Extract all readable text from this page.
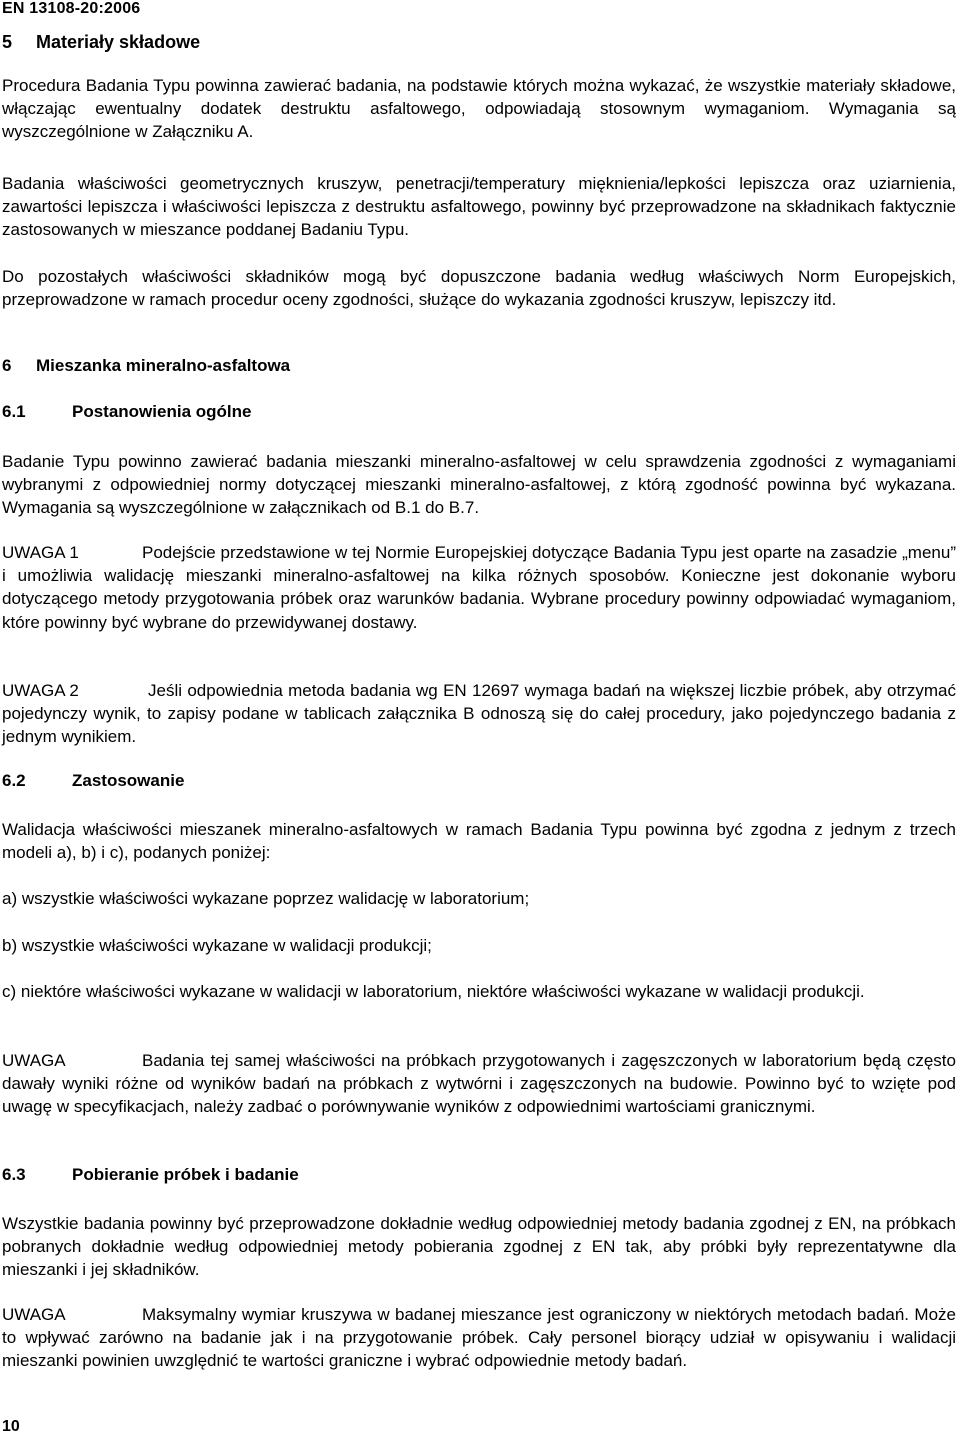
EN 13108-20:2006
5 Materiały składowe
Procedura Badania Typu powinna zawierać badania, na podstawie których można wykazać, że wszystkie materiały składowe, włączając ewentualny dodatek destruktu asfaltowego, odpowiadają stosownym wymaganiom. Wymagania są wyszczególnione w Załączniku A.
Badania właściwości geometrycznych kruszyw, penetracji/temperatury mięknienia/lepkości lepiszcza oraz uziarnienia, zawartości lepiszcza i właściwości lepiszcza z destruktu asfaltowego, powinny być przeprowadzone na składnikach faktycznie zastosowanych w mieszance poddanej Badaniu Typu.
Do pozostałych właściwości składników mogą być dopuszczone badania według właściwych Norm Europejskich, przeprowadzone w ramach procedur oceny zgodności, służące do wykazania zgodności kruszyw, lepiszczy itd.
6 Mieszanka mineralno-asfaltowa
6.1	Postanowienia ogólne
Badanie Typu powinno zawierać badania mieszanki mineralno-asfaltowej w celu sprawdzenia zgodności z wymaganiami wybranymi z odpowiedniej normy dotyczącej mieszanki mineralno-asfaltowej, z którą zgodność powinna być wykazana. Wymagania są wyszczególnione w załącznikach od B.1 do B.7.
UWAGA 1	Podejście przedstawione w tej Normie Europejskiej dotyczące Badania Typu jest oparte na zasadzie „menu” i umożliwia walidację mieszanki mineralno-asfaltowej na kilka różnych sposobów. Konieczne jest dokonanie wyboru dotyczącego metody przygotowania próbek oraz warunków badania. Wybrane procedury powinny odpowiadać wymaganiom, które powinny być wybrane do przewidywanej dostawy.
UWAGA 2	Jeśli odpowiednia metoda badania wg EN 12697 wymaga badań na większej liczbie próbek, aby otrzymać pojedynczy wynik, to zapisy podane w tablicach załącznika B odnoszą się do całej procedury, jako pojedynczego badania z jednym wynikiem.
6.2	Zastosowanie
Walidacja właściwości mieszanek mineralno-asfaltowych w ramach Badania Typu powinna być zgodna z jednym z trzech modeli a), b) i c), podanych poniżej:
a) wszystkie właściwości wykazane poprzez walidację w laboratorium;
b) wszystkie właściwości wykazane w walidacji produkcji;
c) niektóre właściwości wykazane w walidacji w laboratorium, niektóre właściwości wykazane w walidacji produkcji.
UWAGA	Badania tej samej właściwości na próbkach przygotowanych i zagęszczonych w laboratorium będą często dawały wyniki różne od wyników badań na próbkach z wytwórni i zagęszczonych na budowie. Powinno być to wzięte pod uwagę w specyfikacjach, należy zadbać o porównywanie wyników z odpowiednimi wartościami granicznymi.
6.3	Pobieranie próbek i badanie
Wszystkie badania powinny być przeprowadzone dokładnie według odpowiedniej metody badania zgodnej z EN, na próbkach pobranych dokładnie według odpowiedniej metody pobierania zgodnej z EN tak, aby próbki były reprezentatywne dla mieszanki i jej składników.
UWAGA	Maksymalny wymiar kruszywa w badanej mieszance jest ograniczony w niektórych metodach badań. Może to wpływać zarówno na badanie jak i na przygotowanie próbek. Cały personel biorący udział w opisywaniu i walidacji mieszanki powinien uwzględnić te wartości graniczne i wybrać odpowiednie metody badań.
10
